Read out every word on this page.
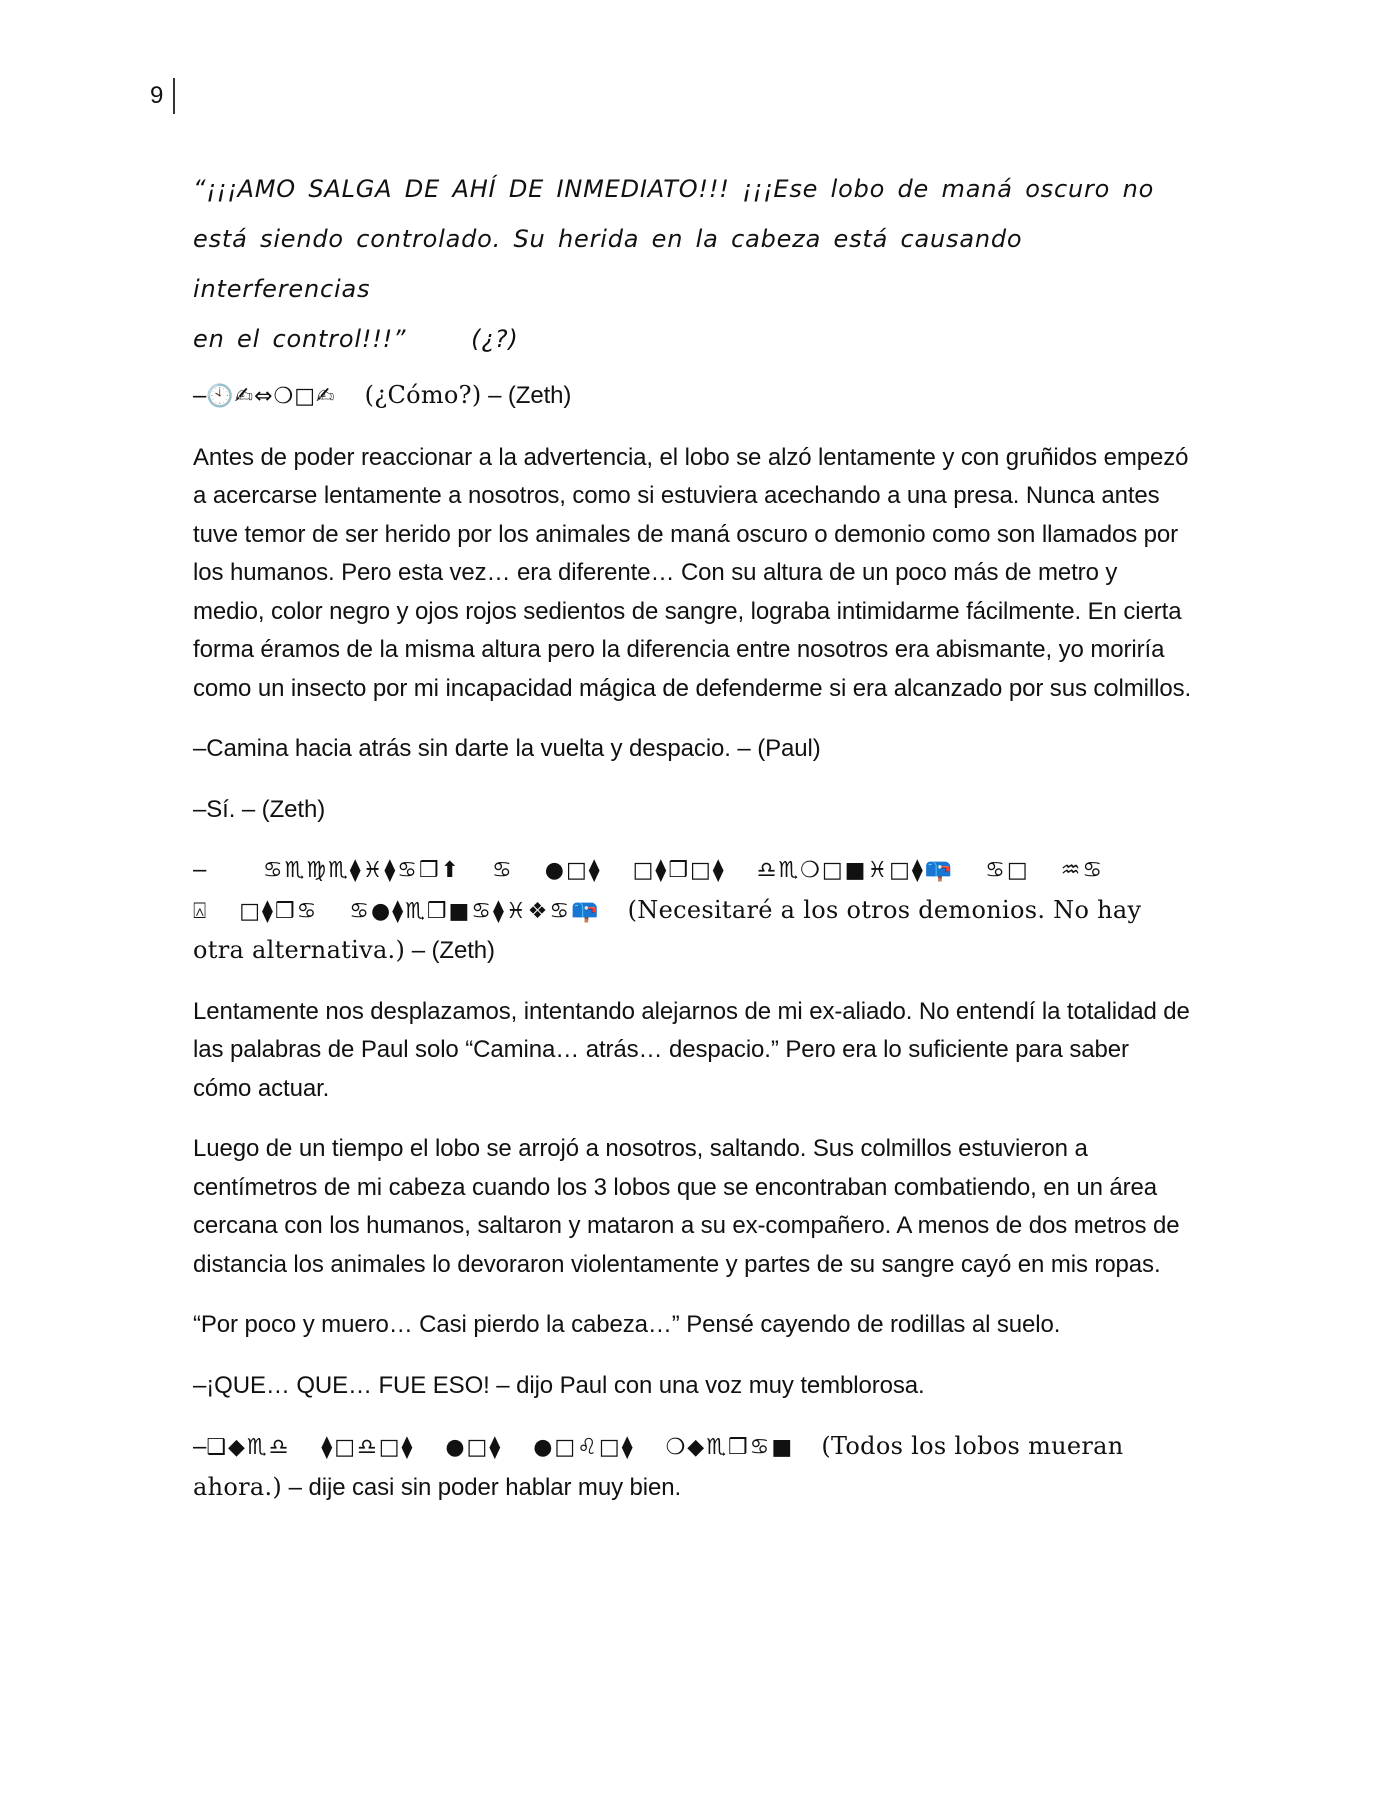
9
“¡¡¡AMO SALGA DE AHÍ DE INMEDIATO!!! ¡¡¡Ese lobo de maná oscuro no
está siendo controlado. Su herida en la cabeza está causando interferencias
en el control!!!”	(¿?)

–🕙✍⇔❍□✍ (¿Cómo?) – (Zeth)

Antes de poder reaccionar a la advertencia, el lobo se alzó lentamente y con gruñidos empezó a acercarse lentamente a nosotros, como si estuviera acechando a una presa. Nunca antes tuve temor de ser herido por los animales de maná oscuro o demonio como son llamados por los humanos. Pero esta vez… era diferente… Con su altura de un poco más de metro y medio, color negro y ojos rojos sedientos de sangre, lograba intimidarme fácilmente. En cierta forma éramos de la misma altura pero la diferencia entre nosotros era abismante, yo moriría como un insecto por mi incapacidad mágica de defenderme si era alcanzado por sus colmillos.

–Camina hacia atrás sin darte la vuelta y despacio. – (Paul)

–Sí. – (Zeth)

–	♋♏♍♏⧫♓⧫♋❒⬆ ♋ ●□⧫ □⧫❒□⧫ ♎♏❍□■♓□⧫📪 ♋□ ♒♋
⍓ □⧫❒♋ ♋●⧫♏❒■♋⧫♓❖♋📪 (Necesitaré a los otros demonios. No hay otra alternativa.) – (Zeth)

Lentamente nos desplazamos, intentando alejarnos de mi ex-aliado. No entendí la totalidad de las palabras de Paul solo “Camina… atrás… despacio.” Pero era lo suficiente para saber cómo actuar.

Luego de un tiempo el lobo se arrojó a nosotros, saltando. Sus colmillos estuvieron a centímetros de mi cabeza cuando los 3 lobos que se encontraban combatiendo, en un área cercana con los humanos, saltaron y mataron a su ex-compañero. A menos de dos metros de distancia los animales lo devoraron violentamente y partes de su sangre cayó en mis ropas.

“Por poco y muero… Casi pierdo la cabeza…” Pensé cayendo de rodillas al suelo.

–¡QUE… QUE… FUE ESO! – dijo Paul con una voz muy temblorosa.

–❑◆♏♎ ⧫□♎□⧫ ●□⧫ ●□♌□⧫ ❍◆♏❒♋■ (Todos los lobos mueran ahora.) – dije casi sin poder hablar muy bien.
